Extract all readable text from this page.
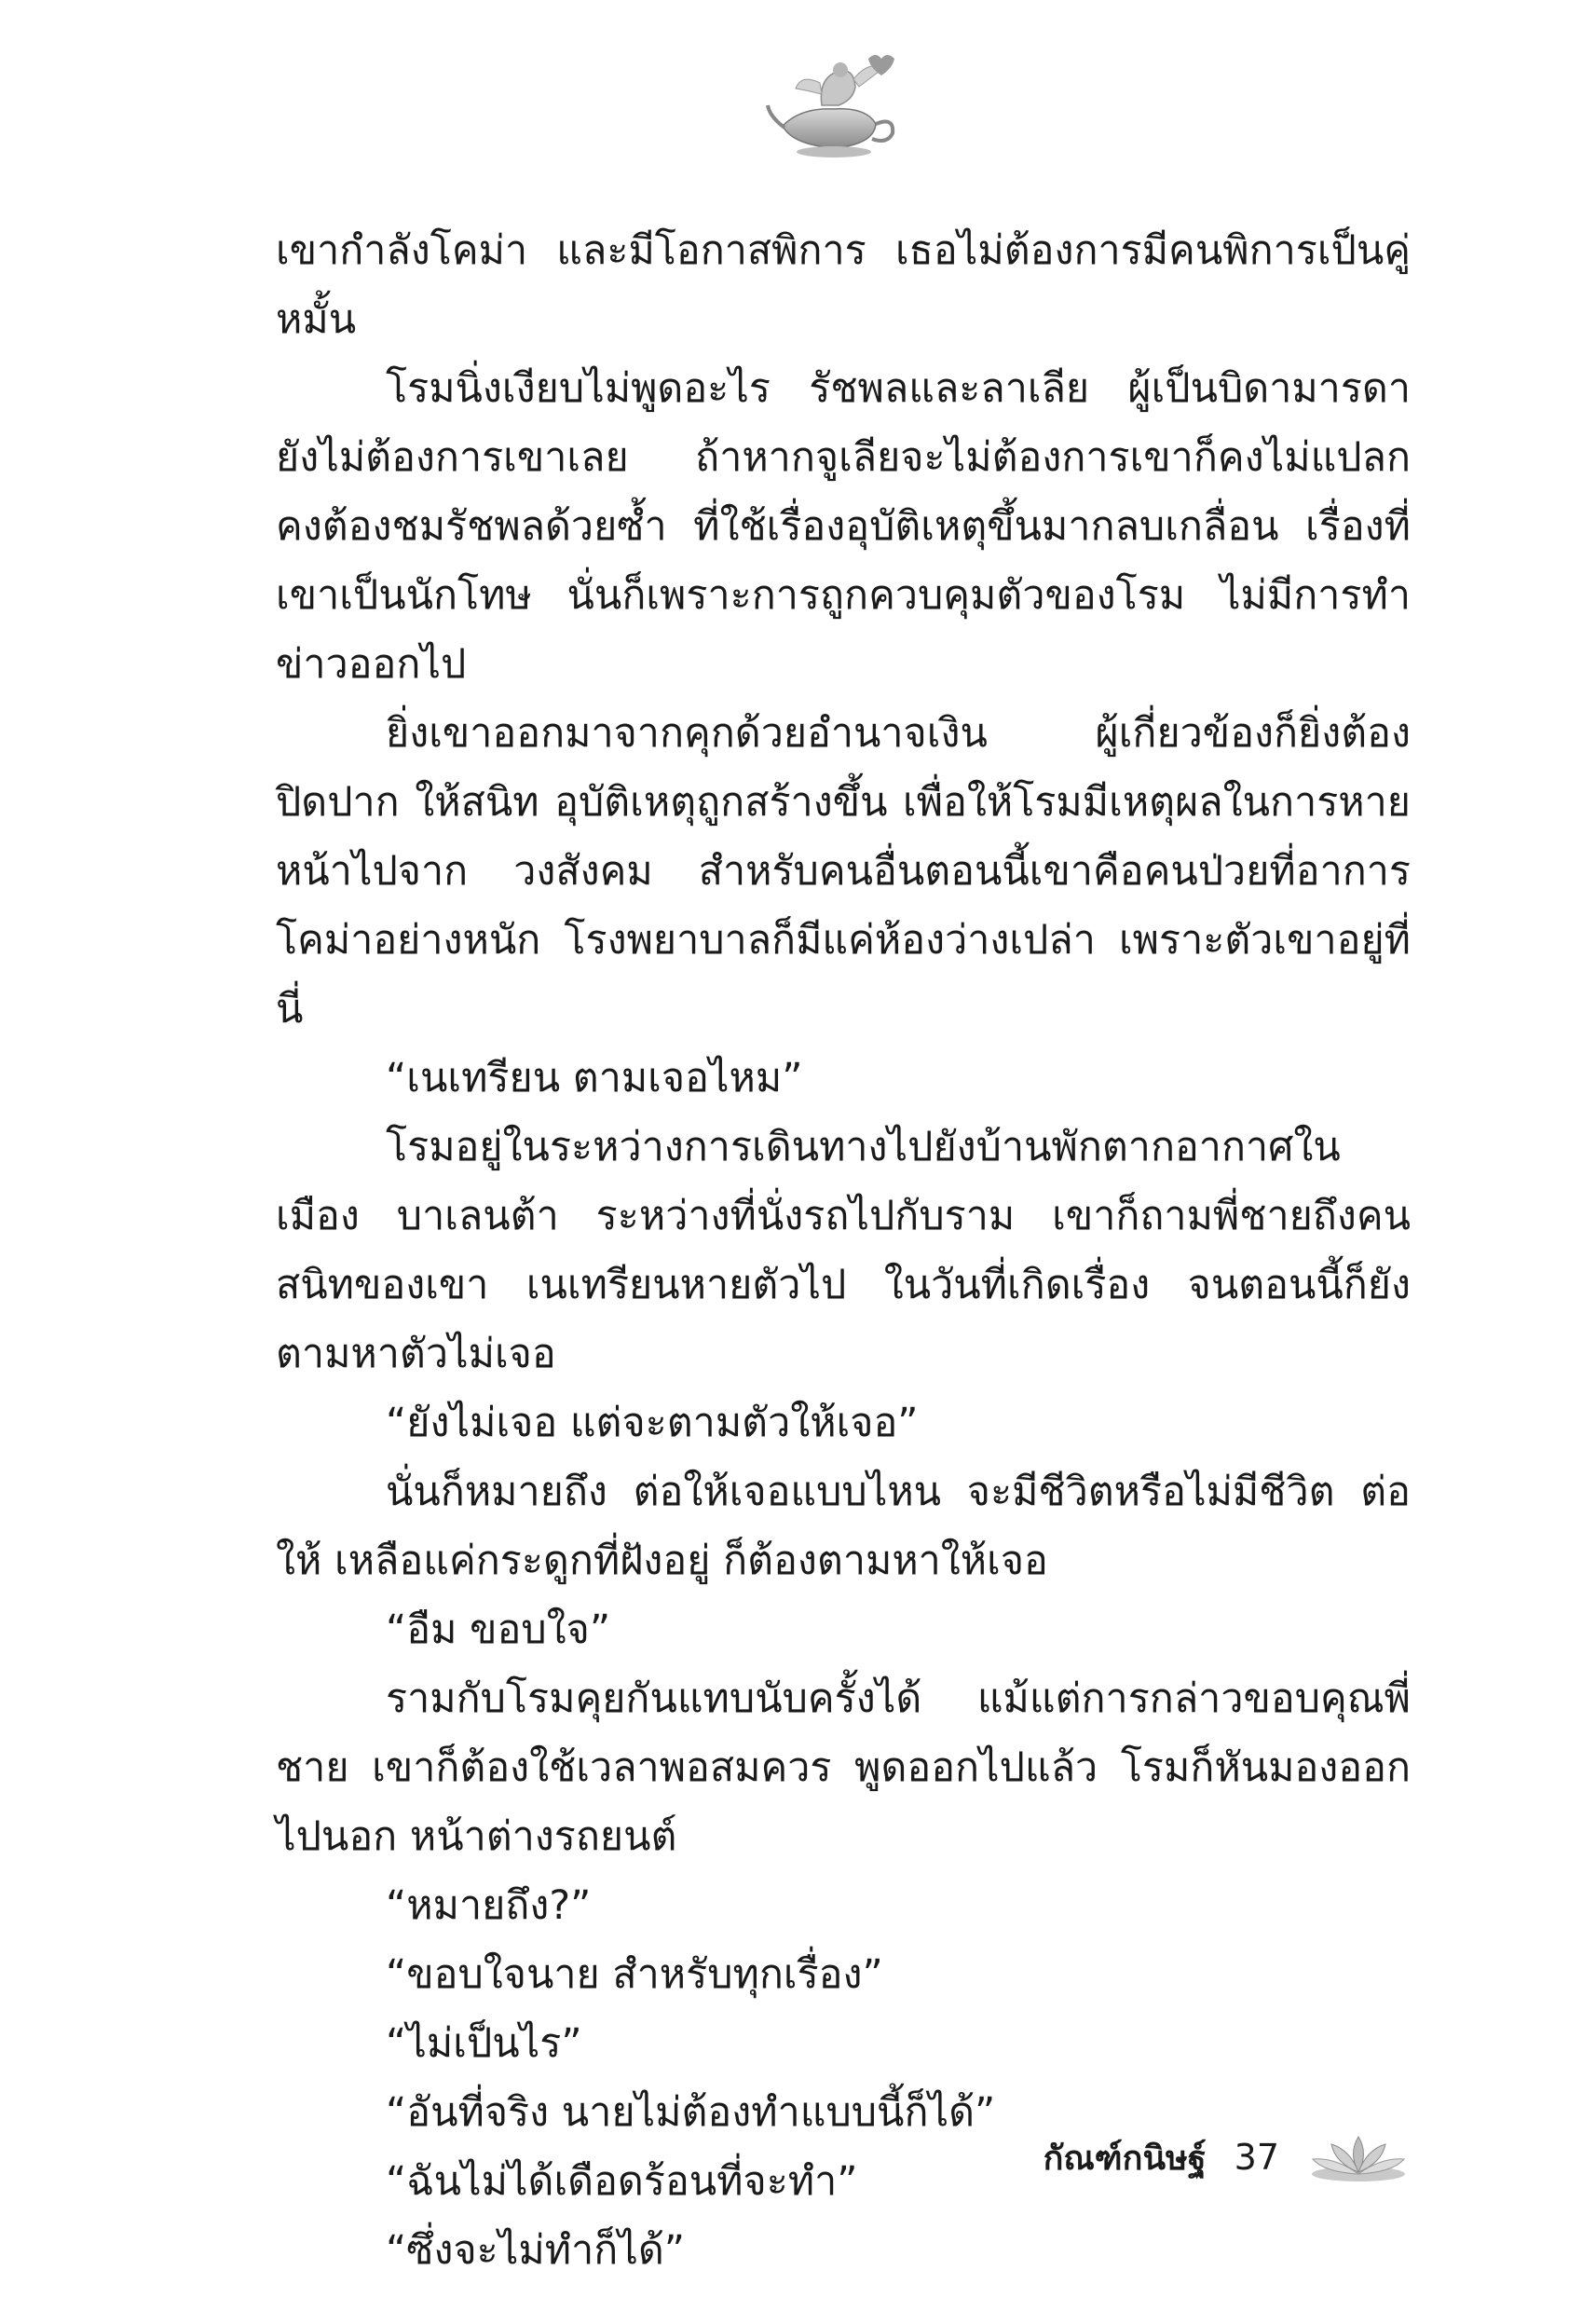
เขากำลังโคม่า และมีโอกาสพิการ เธอไม่ต้องการมีคนพิการเป็นคู่หมั้น

โรมนิ่งเงียบไม่พูดอะไร รัชพลและลาเลีย ผู้เป็นบิดามารดา ยังไม่ต้องการเขาเลย ถ้าหากจูเลียจะไม่ต้องการเขาก็คงไม่แปลก คงต้องชมรัชพลด้วยซ้ำ ที่ใช้เรื่องอุบัติเหตุขึ้นมากลบเกลื่อน เรื่องที่เขาเป็นนักโทษ นั่นก็เพราะการถูกควบคุมตัวของโรม ไม่มีการทำข่าวออกไป

ยิ่งเขาออกมาจากคุกด้วยอำนาจเงิน ผู้เกี่ยวข้องก็ยิ่งต้องปิดปาก ให้สนิท อุบัติเหตุถูกสร้างขึ้น เพื่อให้โรมมีเหตุผลในการหายหน้าไปจาก วงสังคม สำหรับคนอื่นตอนนี้เขาคือคนป่วยที่อาการโคม่าอย่างหนัก โรงพยาบาลก็มีแค่ห้องว่างเปล่า เพราะตัวเขาอยู่ที่นี่

“เนเทรียน ตามเจอไหม”

โรมอยู่ในระหว่างการเดินทางไปยังบ้านพักตากอากาศในเมือง บาเลนต้า ระหว่างที่นั่งรถไปกับราม เขาก็ถามพี่ชายถึงคนสนิทของเขา เนเทรียนหายตัวไป ในวันที่เกิดเรื่อง จนตอนนี้ก็ยังตามหาตัวไม่เจอ

“ยังไม่เจอ แต่จะตามตัวให้เจอ”

นั่นก็หมายถึง ต่อให้เจอแบบไหน จะมีชีวิตหรือไม่มีชีวิต ต่อให้ เหลือแค่กระดูกที่ฝังอยู่ ก็ต้องตามหาให้เจอ

“อืม ขอบใจ”

รามกับโรมคุยกันแทบนับครั้งได้ แม้แต่การกล่าวขอบคุณพี่ชาย เขาก็ต้องใช้เวลาพอสมควร พูดออกไปแล้ว โรมก็หันมองออกไปนอก หน้าต่างรถยนต์

“หมายถึง?”

“ขอบใจนาย สำหรับทุกเรื่อง”

“ไม่เป็นไร”

“อันที่จริง นายไม่ต้องทำแบบนี้ก็ได้”

“ฉันไม่ได้เดือดร้อนที่จะทำ”

“ซึ่งจะไม่ทำก็ได้”

กัณฑ์กนิษฐ์ 37
